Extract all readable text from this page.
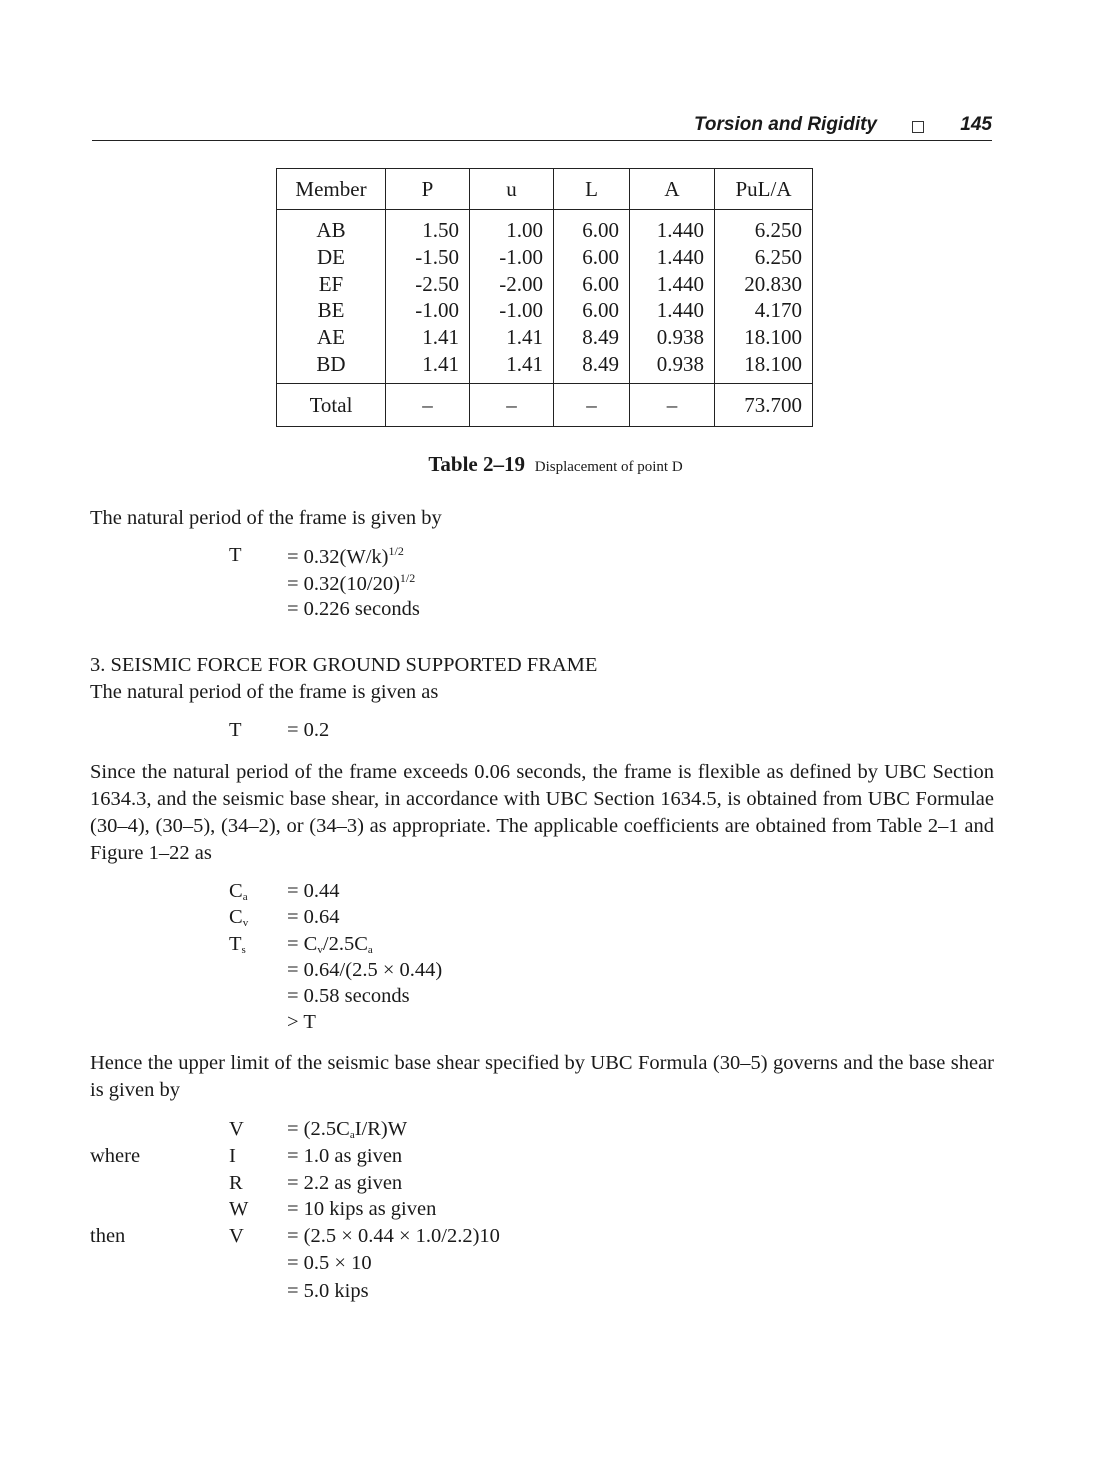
Torsion and Rigidity	145
Member	P	u	L	A	PuL/A
AB	1.50	1.00	6.00	1.440	6.250
DE	-1.50	-1.00	6.00	1.440	6.250
EF	-2.50	-2.00	6.00	1.440	20.830
BE	-1.00	-1.00	6.00	1.440	4.170
AE	1.41	1.41	8.49	0.938	18.100
BD	1.41	1.41	8.49	0.938	18.100
Total	–	–	–	–	73.700
Table 2–19 Displacement of point D
The natural period of the frame is given by
$T = 0.32(W/k)^{1/2}$
= $0.32(10/20)^{1/2}$
= 0.226 seconds
3. SEISMIC FORCE FOR GROUND SUPPORTED FRAME
The natural period of the frame is given as
T = 0.2
Since the natural period of the frame exceeds 0.06 seconds, the frame is flexible as defined by UBC Section 1634.3, and the seismic base shear, in accordance with UBC Section 1634.5, is obtained from UBC Formulae (30–4), (30–5), (34–2), or (34–3) as appropriate. The applicable coefficients are obtained from Table 2–1 and Figure 1–22 as
$C_a = 0.44$
$C_v = 0.64$
$T_s = C_v/2.5C_a$
= 0.64/(2.5 × 0.44)
= 0.58 seconds
> T
Hence the upper limit of the seismic base shear specified by UBC Formula (30–5) governs and the base shear is given by
$V = (2.5C_aI/R)W$
where	I = 1.0 as given
R = 2.2 as given
W = 10 kips as given
then	V = (2.5 × 0.44 × 1.0/2.2)10
= 0.5 × 10
= 5.0 kips
